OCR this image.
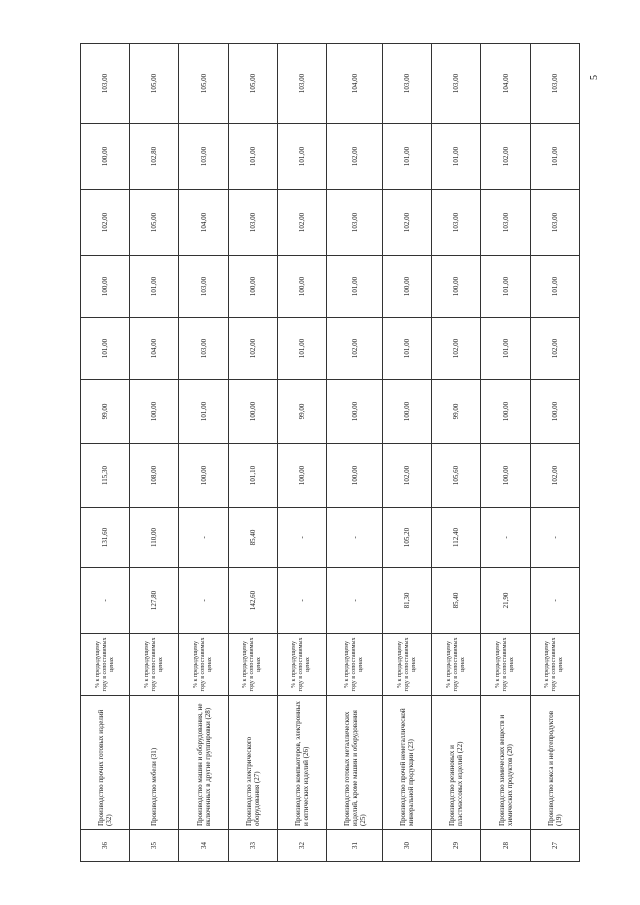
5
36	Производство прочих готовых изделий (32)	% к предыдущему году в сопоставимых ценах	-	131,60	115,30	99,00	101,00	100,00	102,00	100,00	103,00
35	Производство мебели (31)	% к предыдущему году в сопоставимых ценах	127,80	110,00	108,00	100,00	104,00	101,00	105,00	102,80	105,00
34	Производство машин и оборудования, не включенных в другие группировки (28)	% к предыдущему году в сопоставимых ценах	-	-	100,00	101,00	103,00	103,00	104,00	103,00	105,00
33	Производство электрического оборудования (27)	% к предыдущему году в сопоставимых ценах	142,60	85,40	101,10	100,00	102,00	100,00	103,00	101,00	105,00
32	Производство компьютеров, электронных и оптических изделий (26)	% к предыдущему году в сопоставимых ценах	-	-	100,00	99,00	101,00	100,00	102,00	101,00	103,00
31	Производство готовых металлических изделий, кроме машин и оборудования (25)	% к предыдущему году в сопоставимых ценах	-	-	100,00	100,00	102,00	101,00	103,00	102,00	104,00
30	Производство прочей неметаллической минеральной продукции (23)	% к предыдущему году в сопоставимых ценах	81,30	105,20	102,00	100,00	101,00	100,00	102,00	101,00	103,00
29	Производство резиновых и пластмассовых изделий (22)	% к предыдущему году в сопоставимых ценах	85,40	112,40	105,60	99,00	102,00	100,00	103,00	101,00	103,00
28	Производство химических веществ и химических продуктов (20)	% к предыдущему году в сопоставимых ценах	21,90	-	100,00	100,00	101,00	101,00	103,00	102,00	104,00
27	Производство кокса и нефтепродуктов (19)	% к предыдущему году в сопоставимых ценах	-	-	102,00	100,00	102,00	101,00	103,00	101,00	103,00
